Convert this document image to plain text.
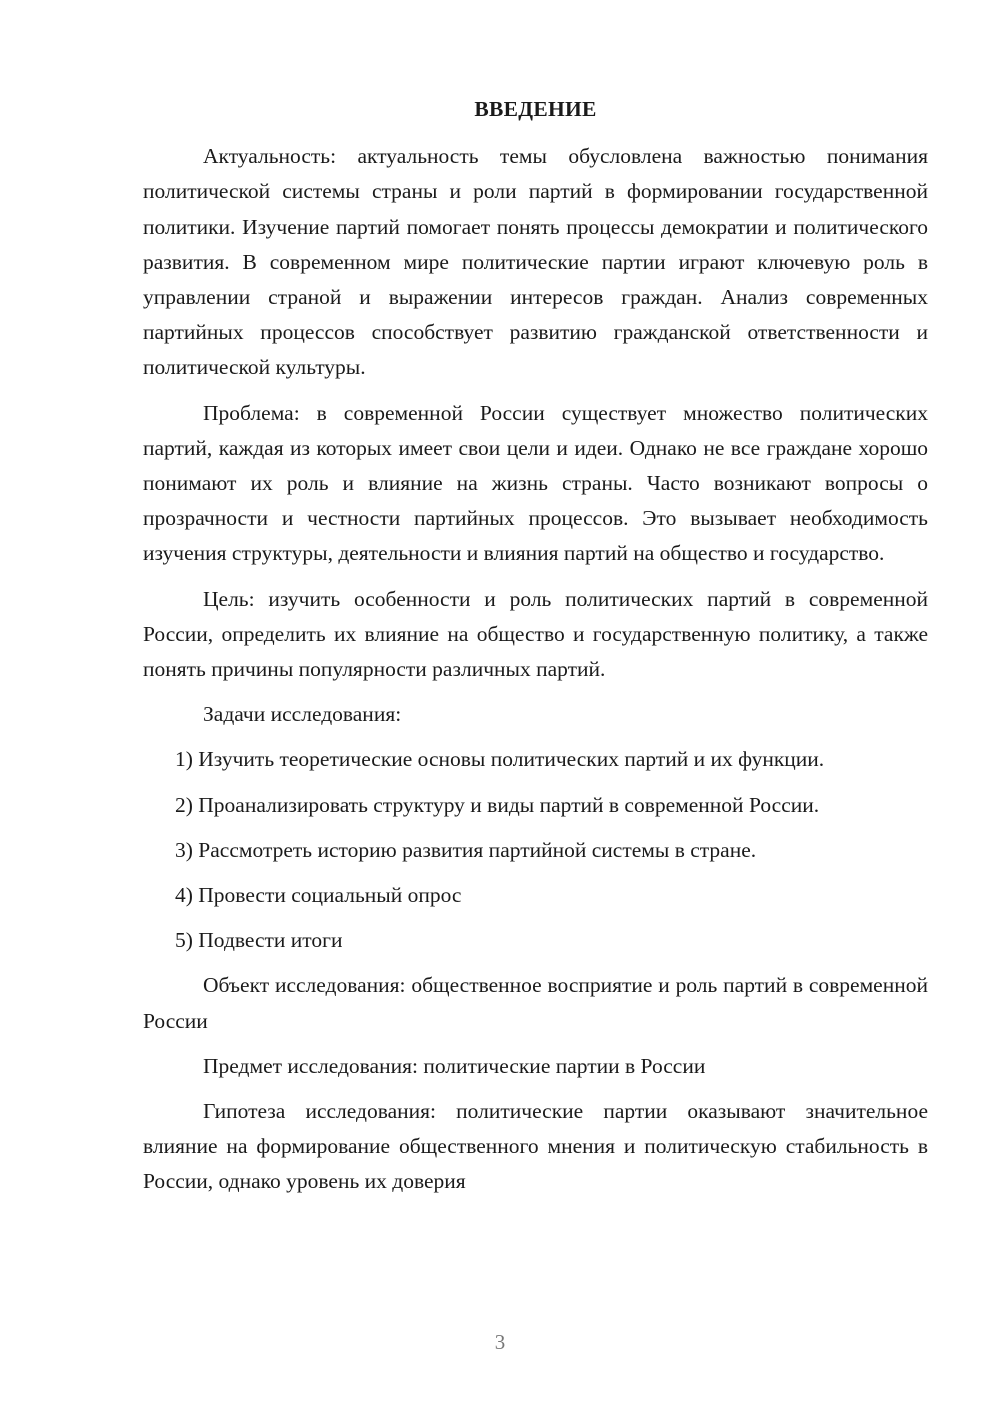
ВВЕДЕНИЕ

Актуальность: актуальность темы обусловлена важностью понимания политической системы страны и роли партий в формировании государственной политики. Изучение партий помогает понять процессы демократии и политического развития. В современном мире политические партии играют ключевую роль в управлении страной и выражении интересов граждан. Анализ современных партийных процессов способствует развитию гражданской ответственности и политической культуры.

Проблема: в современной России существует множество политических партий, каждая из которых имеет свои цели и идеи. Однако не все граждане хорошо понимают их роль и влияние на жизнь страны. Часто возникают вопросы о прозрачности и честности партийных процессов. Это вызывает необходимость изучения структуры, деятельности и влияния партий на общество и государство.

Цель: изучить особенности и роль политических партий в современной России, определить их влияние на общество и государственную политику, а также понять причины популярности различных партий.

Задачи исследования:

1) Изучить теоретические основы политических партий и их функции.
2) Проанализировать структуру и виды партий в современной России.
3) Рассмотреть историю развития партийной системы в стране.
4) Провести социальный опрос
5) Подвести итоги

Объект исследования: общественное восприятие и роль партий в современной России

Предмет исследования: политические партии в России

Гипотеза исследования: политические партии оказывают значительное влияние на формирование общественного мнения и политическую стабильность в России, однако уровень их доверия

3
